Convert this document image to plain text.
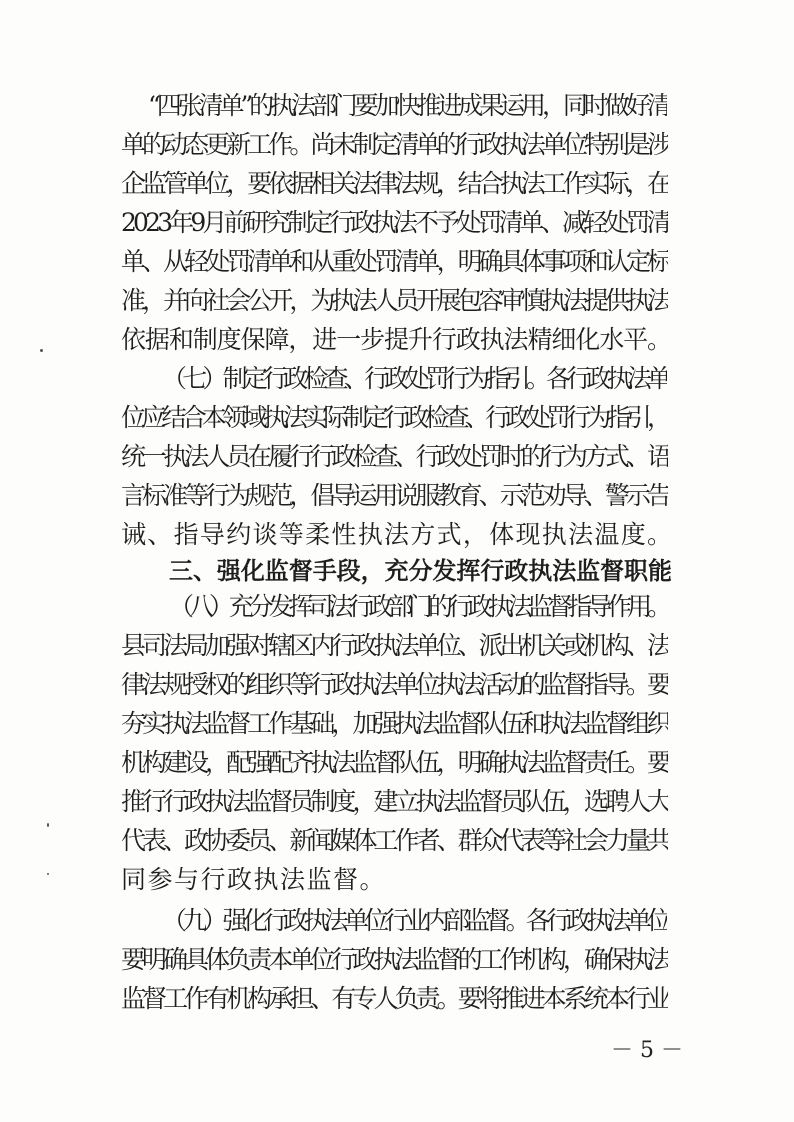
“四张清单”的执法部门要加快推进成果运用，同时做好清

单的动态更新工作。尚未制定清单的行政执法单位特别是涉

企监管单位，要依据相关法律法规，结合执法工作实际，在

2023年9月前研究制定行政执法不予处罚清单、减轻处罚清

单、从轻处罚清单和从重处罚清单，明确具体事项和认定标

准，并向社会公开，为执法人员开展包容审慎执法提供执法

依据和制度保障，进一步提升行政执法精细化水平。

（七）制定行政检查、行政处罚行为指引。各行政执法单

位应结合本领域执法实际制定行政检查、行政处罚行为指引，

统一执法人员在履行行政检查、行政处罚时的行为方式、语

言标准等行为规范，倡导运用说服教育、示范劝导、警示告

诫、指导约谈等柔性执法方式，体现执法温度。

三、强化监督手段，充分发挥行政执法监督职能

（八）充分发挥司法行政部门的行政执法监督指导作用。

县司法局加强对辖区内行政执法单位、派出机关或机构、法

律法规授权的组织等行政执法单位执法活动的监督指导。要

夯实执法监督工作基础，加强执法监督队伍和执法监督组织

机构建设，配强配齐执法监督队伍，明确执法监督责任。要

推行行政执法监督员制度，建立执法监督员队伍，选聘人大

代表、政协委员、新闻媒体工作者、群众代表等社会力量共

同参与行政执法监督。

（九）强化行政执法单位行业内部监督。各行政执法单位

要明确具体负责本单位行政执法监督的工作机构，确保执法

监督工作有机构承担、有专人负责。要将推进本系统本行业

－ 5 －
